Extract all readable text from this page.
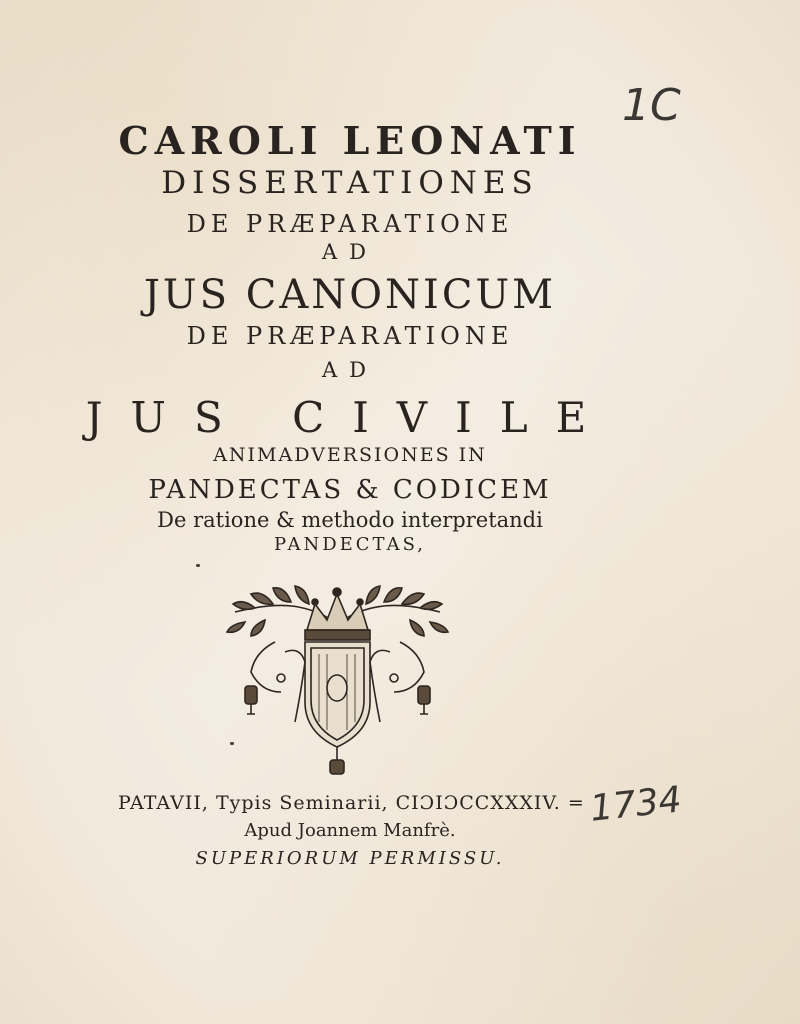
CAROLI LEONATI
DISSERTATIONES
DE PRÆPARATIONE
AD
JUS CANONICUM
DE PRÆPARATIONE
AD
JUS CIVILE
ANIMADVERSIONES IN
PANDECTAS & CODICEM
De ratione & methodo interpretandi
PANDECTAS,
PATAVII, Typis Seminarii, CIƆIƆCCXXXIV. =
Apud Joannem Manfrè.
SUPERIORUM PERMISSU.
1C
1734
